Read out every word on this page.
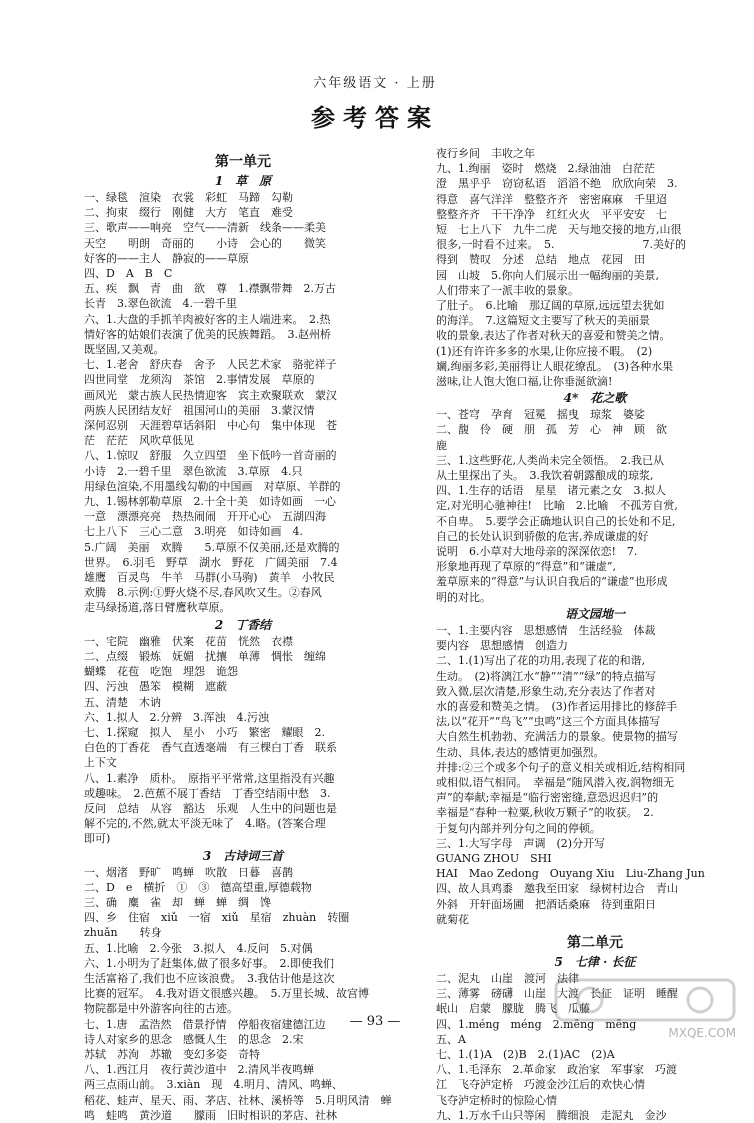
六年级语文 · 上册
参考答案
第一单元
1　草　原

一、绿毯　渲染　衣裳　彩虹　马蹄　勾勒

二、拘束　缀行　刚健　大方　笔直　难受

三、歌声——响亮　空气——清新　线条——柔美

天空　　明朗　奇丽的　　小诗　会心的　　微笑

好客的——主人　静寂的——草原

四、D　A　B　C

五、疾　飘　青　曲　欲　尊　1.襟飘带舞　2.万古

长青　3.翠色欲流　4.一碧千里

六、1.大盘的手抓羊肉被好客的主人端进来。　2.热

情好客的姑娘们表演了优美的民族舞蹈。　3.赵州桥

既坚固,又美观。

七、1.老舍　舒庆春　舍予　人民艺术家　骆驼祥子

四世同堂　龙须沟　茶馆　2.事情发展　草原的

画风光　蒙古族人民热情迎客　宾主欢聚联欢　蒙汉

两族人民团结友好　祖国河山的美丽　3.蒙汉情

深何忍别　天涯碧草话斜阳　中心句　集中体现　苍

茫　茫茫　风吹草低见

八、1.惊叹　舒服　久立四望　坐下低吟一首奇丽的

小诗　2.一碧千里　翠色欲流　3.草原　4.只

用绿色渲染,不用墨线勾勒的中国画　对草原、羊群的

九、1.锡林郭勒草原　2.十全十美　如诗如画　一心

一意　漂漂亮亮　热热闹闹　开开心心　五湖四海

七上八下　三心二意　3.明亮　如诗如画　4.

5.广阔　美丽　欢腾　　5.草原不仅美丽,还是欢腾的

世界。　6.羽毛　野草　湖水　野花　广阔美丽　7.4

雄鹰　百灵鸟　牛羊　马群(小马驹)　黄羊　小牧民

欢腾　8.示例:①野火烧不尽,春风吹又生。②春风

走马绿扬道,落日臂鹰秋草原。

2　丁香结

一、宅院　幽雅　伏案　花苗　恍然　衣襟

二、点缀　锻炼　妩媚　扰攘　单薄　惆怅　缠绵

蝴蝶　花苞　吃饱　埋怨　诡怨

四、污浊　愚笨　模糊　遮蔽

五、清楚　木讷

六、1.拟人　2.分辨　3.浑浊　4.污浊

七、1.探窥　拟人　星小　小巧　繁密　耀眼　2.

白色的丁香花　香气直透毫端　有三棵白丁香　联系

上下文

八、1.素净　质朴。　原指平平常常,这里指没有兴趣

或趣味。　2.芭蕉不展丁香结　丁香空结雨中愁　3.

反问　总结　从容　豁达　乐观　人生中的问题也是

解不完的,不然,就太平淡无味了　4.略。(答案合理

即可)

3　古诗词三首

一、烟渚　野旷　鸣蝉　吹散　日暮　喜鹊

二、D　e　横折　①　③　德高望重,厚德载物

三、确　麋　雀　却　蝉　蝉　绸　馋

四、乡　住宿　xiǔ　一宿　xiǔ　星宿　zhuàn　转圈

zhuǎn　　转身

五、1.比喻　2.今张　3.拟人　4.反问　5.对偶

六、1.小明为了赶集体,做了很多好事。　2.即使我们

生活富裕了,我们也不应该浪费。　3.我估计他是这次

比赛的冠军。　4.我对语文很感兴趣。　5.万里长城、故宫博

物院都是中外游客向往的古迹。

七、1.唐　孟浩然　借景抒情　停船夜宿建德江边

诗人对家乡的思念　感慨人生　的思念　2.宋

苏轼　苏洵　苏辙　变幻多姿　奇特

八、1.西江月　夜行黄沙道中　2.清风半夜鸣蝉

两三点雨山前。　3.xiàn　现　4.明月、清风、鸣蝉、

稻花、蛙声、星天、雨、茅店、社林、溪桥等　5.月明风清　蝉

鸣　蛙鸣　黄沙道　　朦雨　旧时相识的茅店、社林

夜行乡间　丰收之年

九、1.绚丽　姿时　燃烧　2.绿油油　白茫茫

澄　黑乎乎　窃窃私语　滔滔不绝　欣欣向荣　3.

得意　喜气洋洋　整整齐齐　密密麻麻　千里迢

整整齐齐　干干净净　红红火火　平平安安　七

短　七上八下　九牛二虎　天与地交接的地方,山很

很多,一时看不过来。　5.　　　　　　　　7.美好的

得到　赞叹　分述　总结　地点　花园　田

园　山坡　5.你向人们展示出一幅绚丽的美景,

人们带来了一派丰收的景象。

了肚子。　6.比喻　那辽阔的草原,远远望去犹如

的海洋。　7.这篇短文主要写了秋天的美丽景

收的景象,表达了作者对秋天的喜爱和赞美之情。

(1)还有许许多多的水果,让你应接不暇。　(2)

斓,绚丽多彩,美丽得让人眼花缭乱。　(3)各种水果

滋味,让人饱大饱口福,让你垂涎欲滴!

4*　花之歌

一、苍穹　孕育　冠冕　摇曳　琼浆　婆娑

二、馥　伶　硬　朋　孤　芳　心　神　顾　欲

鹿

三、1.这些野花,人类尚未完全领悟。　2.我已从

从土里探出了头。　3.我饮着朝露酿成的琼浆,

四、1.生存的话语　星星　诸元素之女　3.拟人

定,对光明心驰神往!　比喻　2.比喻　不孤芳自赏,

不自卑。　5.要学会正确地认识自己的长处和不足,

自己的长处认识到骄傲的危害,养成谦虚的好

说明　6.小草对大地母亲的深深依恋!　7.

形象地再现了草原的“得意”和“谦虚”,

羞草原来的“得意”与认识自我后的“谦虚”也形成

明的对比。

语文园地一

一、1.主要内容　思想感情　生活经验　体裁

要内容　思想感情　创造力

二、1.(1)写出了花的功用,表现了花的和谐,

生动。　(2)将漓江水“静”“清”“绿”的特点描写

致入微,层次清楚,形象生动,充分表达了作者对

水的喜爱和赞美之情。　(3)作者运用排比的修辞手

法,以“花开”“鸟飞”“虫鸣”这三个方面具体描写

大自然生机勃勃、充满活力的景象。使景物的描写

生动、具体,表达的感情更加强烈。

并排:②三个或多个句子的意义相关或相近,结构相同

或相似,语气相同。　幸福是“随风潜入夜,润物细无

声”的奉献;幸福是“临行密密缝,意恐迟迟归”的

幸福是“春种一粒粟,秋收万颗子”的收获。　2.

于复句内部并列分句之间的停顿。

三、1.大写字母　声调　(2)分开写

GUANG ZHOU　SHI

HAI　Mao Zedong　Ouyang Xiu　Liu-Zhang Jun

四、故人具鸡黍　邀我至田家　绿树村边合　青山

外斜　开轩面场圃　把酒话桑麻　待到重阳日

就菊花

第二单元
5　七律 · 长征

二、泥丸　山崖　渡河　法律

三、薄雾　磅礴　山崖　大渡　长征　证明　睡醒

岷山　启蒙　朦胧　腾飞　瓜藤

四、1.méng　méng　2.mēng　mēng

五、A

七、1.(1)A　(2)B　2.(1)AC　(2)A

八、1.毛泽东　2.革命家　政治家　军事家　巧渡

江　飞夺泸定桥　巧渡金沙江后的欢快心情

飞夺泸定桥时的惊险心情

九、1.万水千山只等闲　腾细浪　走泥丸　金沙

— 93 —
MXQE.COM
